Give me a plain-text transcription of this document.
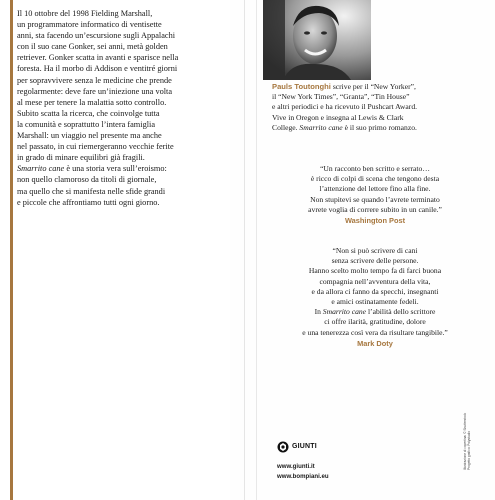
Il 10 ottobre del 1998 Fielding Marshall,
un programmatore informatico di ventisette
anni, sta facendo un’escursione sugli Appalachi
con il suo cane Gonker, sei anni, metà golden
retriever. Gonker scatta in avanti e sparisce nella
foresta. Ha il morbo di Addison e ventitré giorni
per sopravvivere senza le medicine che prende
regolarmente: deve fare un’iniezione una volta
al mese per tenere la malattia sotto controllo.
Subito scatta la ricerca, che coinvolge tutta
la comunità e soprattutto l’intera famiglia
Marshall: un viaggio nel presente ma anche
nel passato, in cui riemergeranno vecchie ferite
in grado di minare equilibri già fragili.
Smarrito cane è una storia vera sull’eroismo:
non quello clamoroso da titoli di giornale,
ma quello che si manifesta nelle sfide grandi
e piccole che affrontiamo tutti ogni giorno.

Pauls Toutonghi scrive per il “New Yorker”,
il “New York Times”, “Granta”, “Tin House”
e altri periodici e ha ricevuto il Pushcart Award.
Vive in Oregon e insegna al Lewis & Clark
College. Smarrito cane è il suo primo romanzo.
“Un racconto ben scritto e serrato…
è ricco di colpi di scena che tengono desta
l’attenzione del lettore fino alla fine.
Non stupitevi se quando l’avrete terminato
avrete voglia di correre subito in un canile.”
Washington Post
“Non si può scrivere di cani
senza scrivere delle persone.
Hanno scelto molto tempo fa di farci buona
compagnia nell’avventura della vita,
e da allora ci fanno da specchi, insegnanti
e amici ostinatamente fedeli.
In Smarrito cane l’abilità dello scrittore
ci offre ilarità, gratitudine, dolore
e una tenerezza così vera da risultare tangibile.”
Mark Doty
GIUNTI
www.giunti.it
www.bompiani.eu
Illustrazione di copertina: © Shutterstock Progetto grafico: Polystudio
